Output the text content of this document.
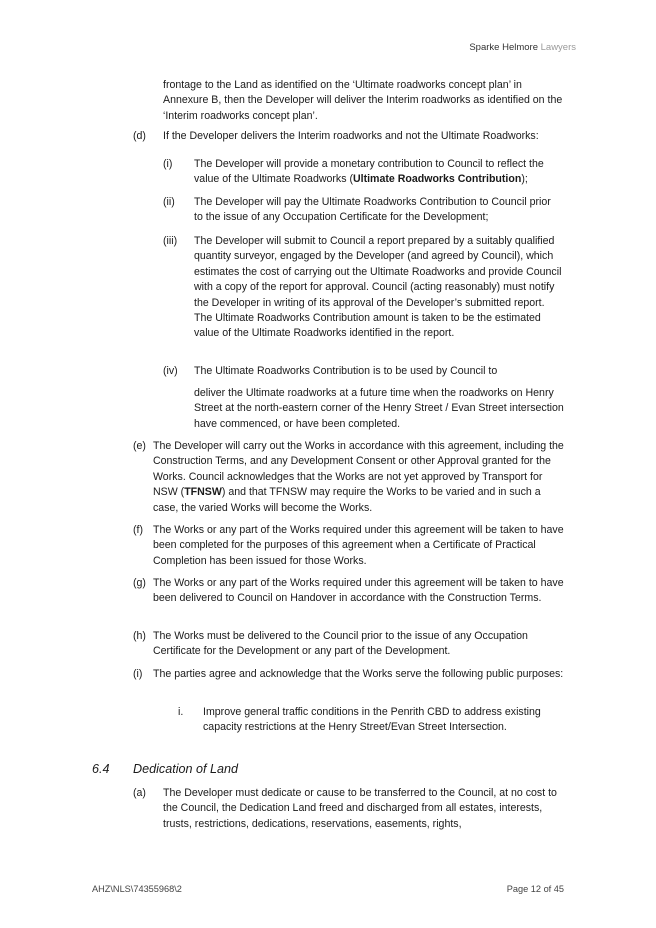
Sparke Helmore Lawyers

frontage to the Land as identified on the ‘Ultimate roadworks concept plan’ in Annexure B, then the Developer will deliver the Interim roadworks as identified on the ‘Interim roadworks concept plan’.

(d) If the Developer delivers the Interim roadworks and not the Ultimate Roadworks:

(i) The Developer will provide a monetary contribution to Council to reflect the value of the Ultimate Roadworks (Ultimate Roadworks Contribution);

(ii) The Developer will pay the Ultimate Roadworks Contribution to Council prior to the issue of any Occupation Certificate for the Development;

(iii) The Developer will submit to Council a report prepared by a suitably qualified quantity surveyor, engaged by the Developer (and agreed by Council), which estimates the cost of carrying out the Ultimate Roadworks and provide Council with a copy of the report for approval. Council (acting reasonably) must notify the Developer in writing of its approval of the Developer’s submitted report. The Ultimate Roadworks Contribution amount is taken to be the estimated value of the Ultimate Roadworks identified in the report.

(iv) The Ultimate Roadworks Contribution is to be used by Council to

deliver the Ultimate roadworks at a future time when the roadworks on Henry Street at the north-eastern corner of the Henry Street / Evan Street intersection have commenced, or have been completed.

(e) The Developer will carry out the Works in accordance with this agreement, including the Construction Terms, and any Development Consent or other Approval granted for the Works. Council acknowledges that the Works are not yet approved by Transport for NSW (TFNSW) and that TFNSW may require the Works to be varied and in such a case, the varied Works will become the Works.

(f) The Works or any part of the Works required under this agreement will be taken to have been completed for the purposes of this agreement when a Certificate of Practical Completion has been issued for those Works.

(g) The Works or any part of the Works required under this agreement will be taken to have been delivered to Council on Handover in accordance with the Construction Terms.

(h) The Works must be delivered to the Council prior to the issue of any Occupation Certificate for the Development or any part of the Development.

(i) The parties agree and acknowledge that the Works serve the following public purposes:

i. Improve general traffic conditions in the Penrith CBD to address existing capacity restrictions at the Henry Street/Evan Street Intersection.

6.4 Dedication of Land
(a) The Developer must dedicate or cause to be transferred to the Council, at no cost to the Council, the Dedication Land freed and discharged from all estates, interests, trusts, restrictions, dedications, reservations, easements, rights,

AHZ\NLS\74355968\2	Page 12 of 45
